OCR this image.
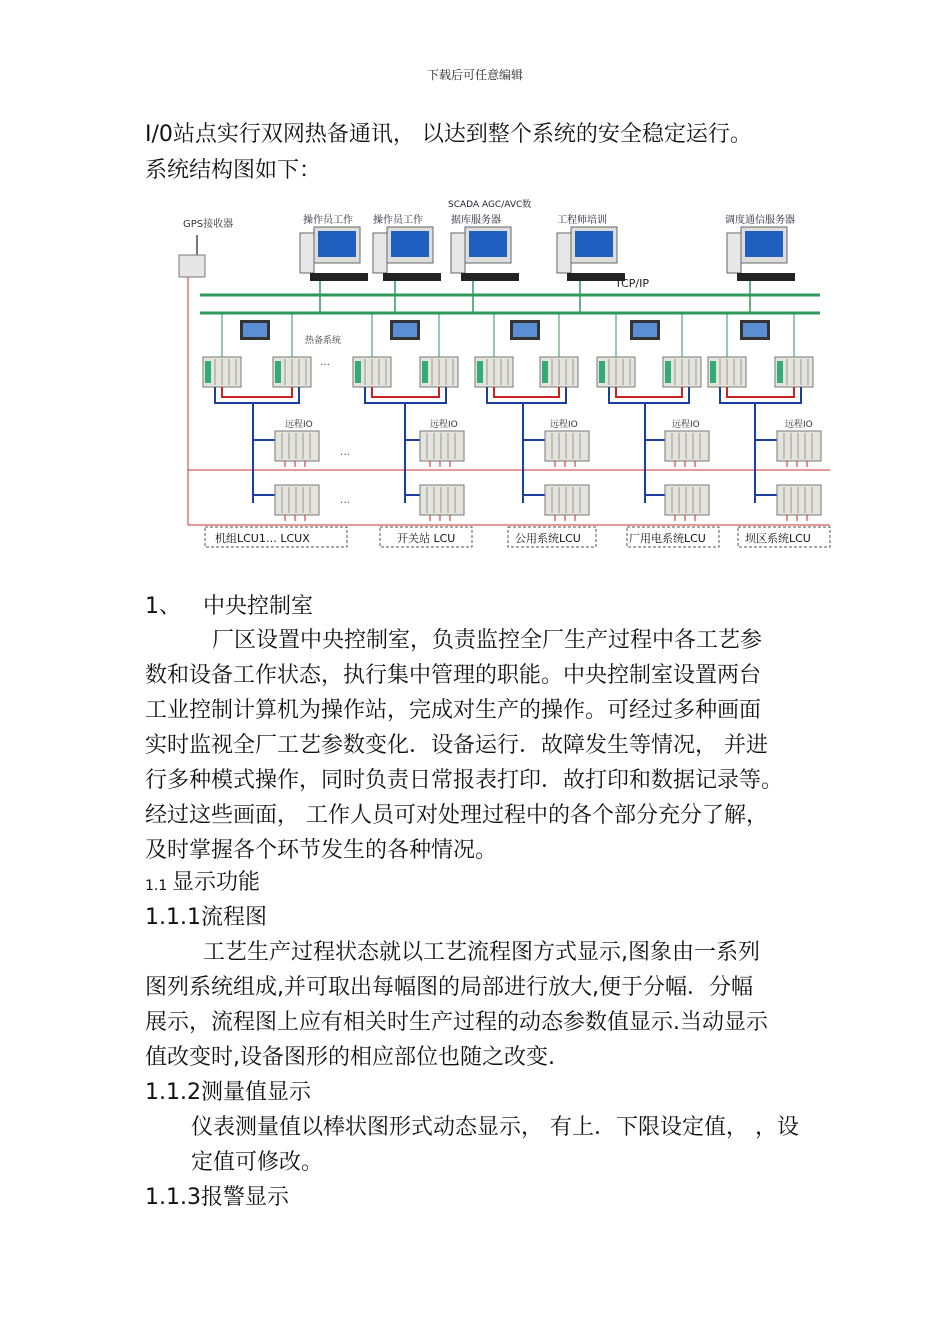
下载后可任意编辑
I/0站点实行双网热备通讯， 以达到整个系统的安全稳定运行。
系统结构图如下：
GPS接收器	操作员工作 操作员工作
SCADA AGC/AVC数
据库服务器	工程师培训	调度通信服务器
TCP/IP
热备系统
…
远程IO	远程IO	远程IO	远程IO	远程IO
…
…
机组LCU1… LCUX	开关站 LCU	公用系统LCU	厂用电系统LCU	坝区系统LCU
1、 中央控制室
厂区设置中央控制室，负责监控全厂生产过程中各工艺参
数和设备工作状态，执行集中管理的职能。中央控制室设置两台
工业控制计算机为操作站，完成对生产的操作。可经过多种画面
实时监视全厂工艺参数变化．设备运行．故障发生等情况， 并进
行多种模式操作，同时负责日常报表打印．故打印和数据记录等。
经过这些画面， 工作人员可对处理过程中的各个部分充分了解，
及时掌握各个环节发生的各种情况。
1.1 显示功能
1.1.1流程图
工艺生产过程状态就以工艺流程图方式显示,图象由一系列
图列系统组成,并可取出每幅图的局部进行放大,便于分幅．分幅
展示，流程图上应有相关时生产过程的动态参数值显示.当动显示
值改变时,设备图形的相应部位也随之改变.
1.1.2测量值显示
仪表测量值以棒状图形式动态显示， 有上．下限设定值， ，设
定值可修改。
1.1.3报警显示
